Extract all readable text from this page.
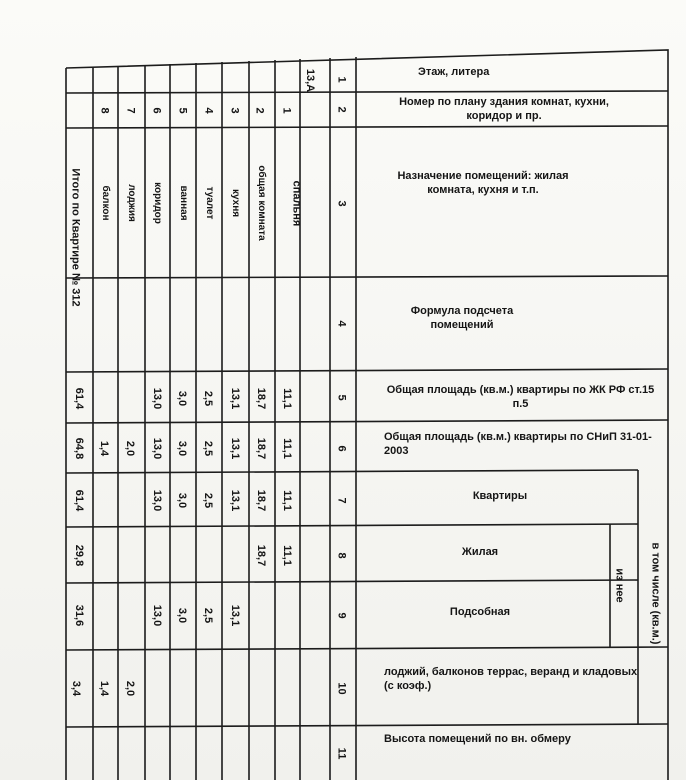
1
2
3
4
5
6
7
8
9
10
11
Этаж, литера
Номер по плану здания комнат, кухни, коридор и пр.
Назначение помещений: жилая комната, кухня и т.п.
Формула подсчета помещений
Общая площадь (кв.м.) квартиры по ЖК РФ ст.15 п.5
Общая площадь (кв.м.) квартиры по СНиП 31-01-2003
Квартиры
Жилая
Подсобная
лоджий, балконов террас, веранд и кладовых (с коэф.)
Высота помещений по вн. обмеру
в том числе (кв.м.)
из нее
13,А
1
2
3
4
5
6
7
8
спальня
общая комната
кухня
туалет
ванная
коридор
лоджия
балкон
Итого по Квартире № 312
11,1
18,7
13,1
2,5
3,0
13,0
61,4
11,1
18,7
13,1
2,5
3,0
13,0
2,0
1,4
64,8
11,1
18,7
13,1
2,5
3,0
13,0
61,4
11,1
18,7
29,8
13,1
2,5
3,0
13,0
31,6
2,0
1,4
3,4
